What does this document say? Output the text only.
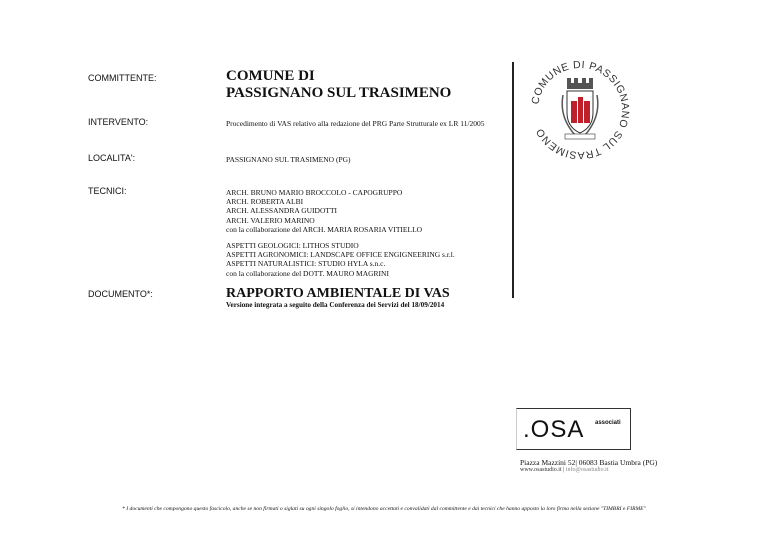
COMMITTENTE:	COMUNE DI
PASSIGNANO SUL TRASIMENO
INTERVENTO:	Procedimento di VAS relativo alla redazione del PRG Parte Strutturale ex LR 11/2005
LOCALITA':	PASSIGNANO SUL TRASIMENO (PG)
TECNICI:	ARCH. BRUNO MARIO BROCCOLO - CAPOGRUPPO
ARCH. ROBERTA ALBI
ARCH. ALESSANDRA GUIDOTTI
ARCH. VALERIO MARINO
con la collaborazione del ARCH. MARIA ROSARIA VITIELLO
ASPETTI GEOLOGICI: LITHOS STUDIO
ASPETTI AGRONOMICI: LANDSCAPE OFFICE ENGIGNEERING s.r.l.
ASPETTI NATURALISTICI: STUDIO HYLA s.n.c.
con la collaborazione del DOTT. MAURO MAGRINI
DOCUMENTO*:	RAPPORTO AMBIENTALE DI VAS
Versione integrata a seguito della Conferenza dei Servizi del 18/09/2014
COMUNE DI PASSIGNANO SUL TRASIMENO
.OSA associati
Piazza Mazzini 52| 06083 Bastia Umbra (PG)
www.osastudio.it | info@osastudio.it
* I documenti che compongono questo fascicolo, anche se non firmati o siglati su ogni singolo foglio, si intendono accettati e convalidati dal committente e dai tecnici che hanno apposto la loro firma nella sezione "TIMBRI e FIRME"
